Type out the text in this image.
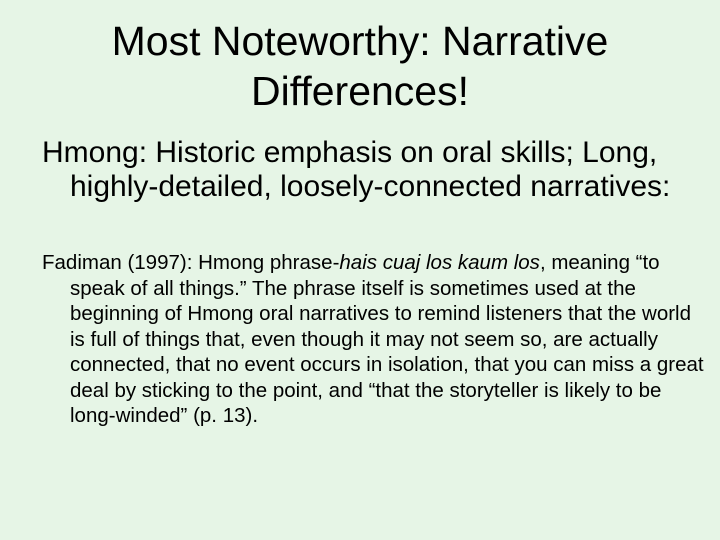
Most Noteworthy: Narrative Differences!

Hmong: Historic emphasis on oral skills; Long, highly-detailed, loosely-connected narratives:

Fadiman (1997): Hmong phrase-hais cuaj los kaum los, meaning “to speak of all things.” The phrase itself is sometimes used at the beginning of Hmong oral narratives to remind listeners that the world is full of things that, even though it may not seem so, are actually connected, that no event occurs in isolation, that you can miss a great deal by sticking to the point, and “that the storyteller is likely to be long-winded” (p. 13).
